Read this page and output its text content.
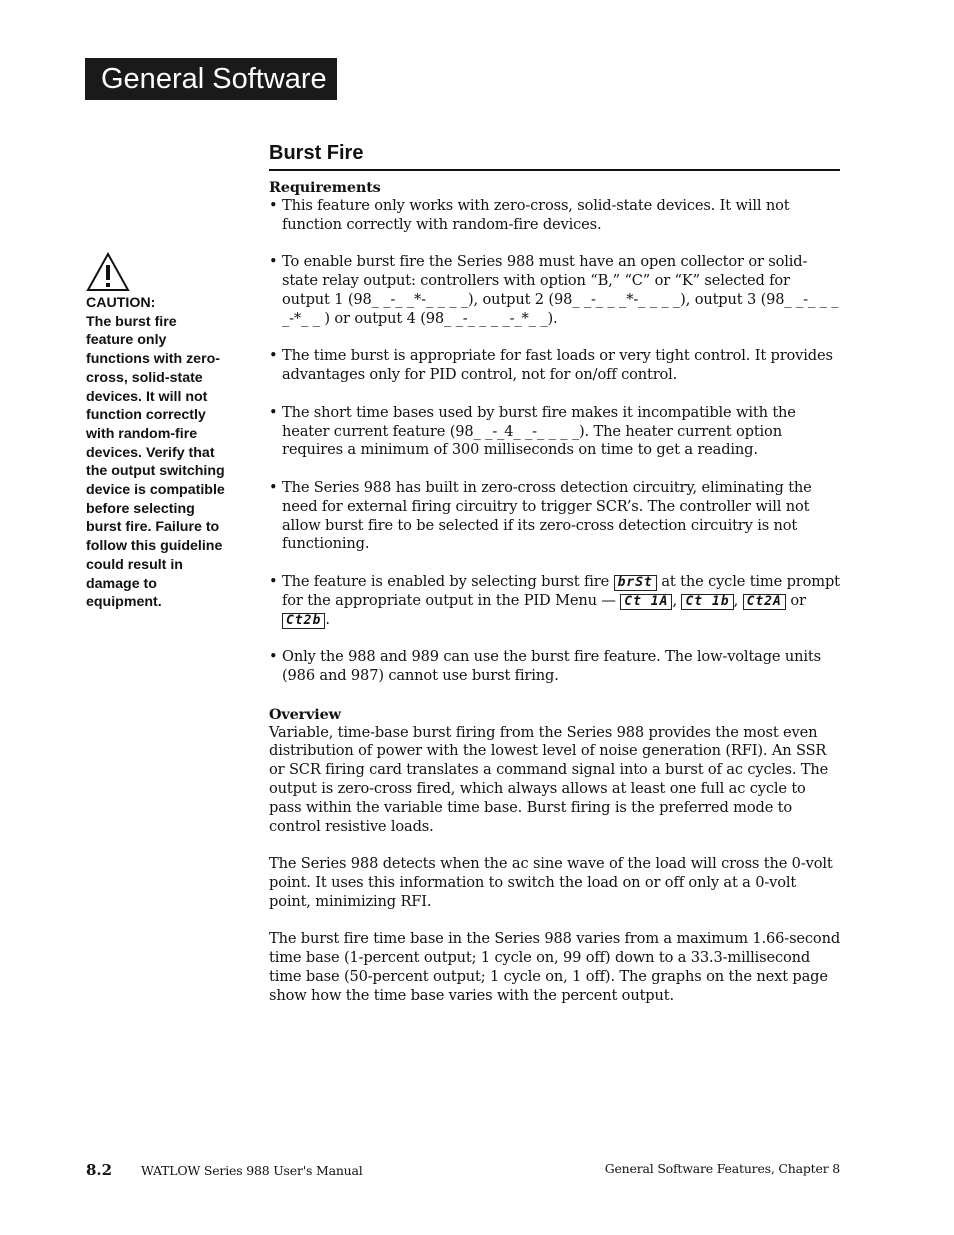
General Software
Burst Fire
CAUTION:
The burst fire feature only functions with zero-cross, solid-state devices. It will not function correctly with random-fire devices. Verify that the output switching device is compatible before selecting burst fire. Failure to follow this guideline could result in damage to equipment.
Requirements
• This feature only works with zero-cross, solid-state devices. It will not function correctly with random-fire devices.
• To enable burst fire the Series 988 must have an open collector or solid-state relay output: controllers with option “B,” “C” or “K” selected for output 1 (98_ _-_ _*-_ _ _ _), output 2 (98_ _-_ _ _*-_ _ _ _), output 3 (98_ _-_ _ _ _-*_ _ ) or output 4 (98_ _-_ _ _ _-_*_ _).
• The time burst is appropriate for fast loads or very tight control. It provides advantages only for PID control, not for on/off control.
• The short time bases used by burst fire makes it incompatible with the heater current feature (98_ _-_4_ _-_ _ _ _). The heater current option requires a minimum of 300 milliseconds on time to get a reading.
• The Series 988 has built in zero-cross detection circuitry, eliminating the need for external firing circuitry to trigger SCR’s. The controller will not allow burst fire to be selected if its zero-cross detection circuitry is not functioning.
• The feature is enabled by selecting burst fire brSt at the cycle time prompt for the appropriate output in the PID Menu — Ct 1A , Ct 1b , Ct2A or Ct2b .
• Only the 988 and 989 can use the burst fire feature. The low-voltage units (986 and 987) cannot use burst firing.
Overview
Variable, time-base burst firing from the Series 988 provides the most even distribution of power with the lowest level of noise generation (RFI). An SSR or SCR firing card translates a command signal into a burst of ac cycles. The output is zero-cross fired, which always allows at least one full ac cycle to pass within the variable time base. Burst firing is the preferred mode to control resistive loads.
The Series 988 detects when the ac sine wave of the load will cross the 0-volt point. It uses this information to switch the load on or off only at a 0-volt point, minimizing RFI.
The burst fire time base in the Series 988 varies from a maximum 1.66-second time base (1-percent output; 1 cycle on, 99 off) down to a 33.3-millisecond time base (50-percent output; 1 cycle on, 1 off). The graphs on the next page show how the time base varies with the percent output.
8.2 WATLOW Series 988 User's Manual	General Software Features, Chapter 8
